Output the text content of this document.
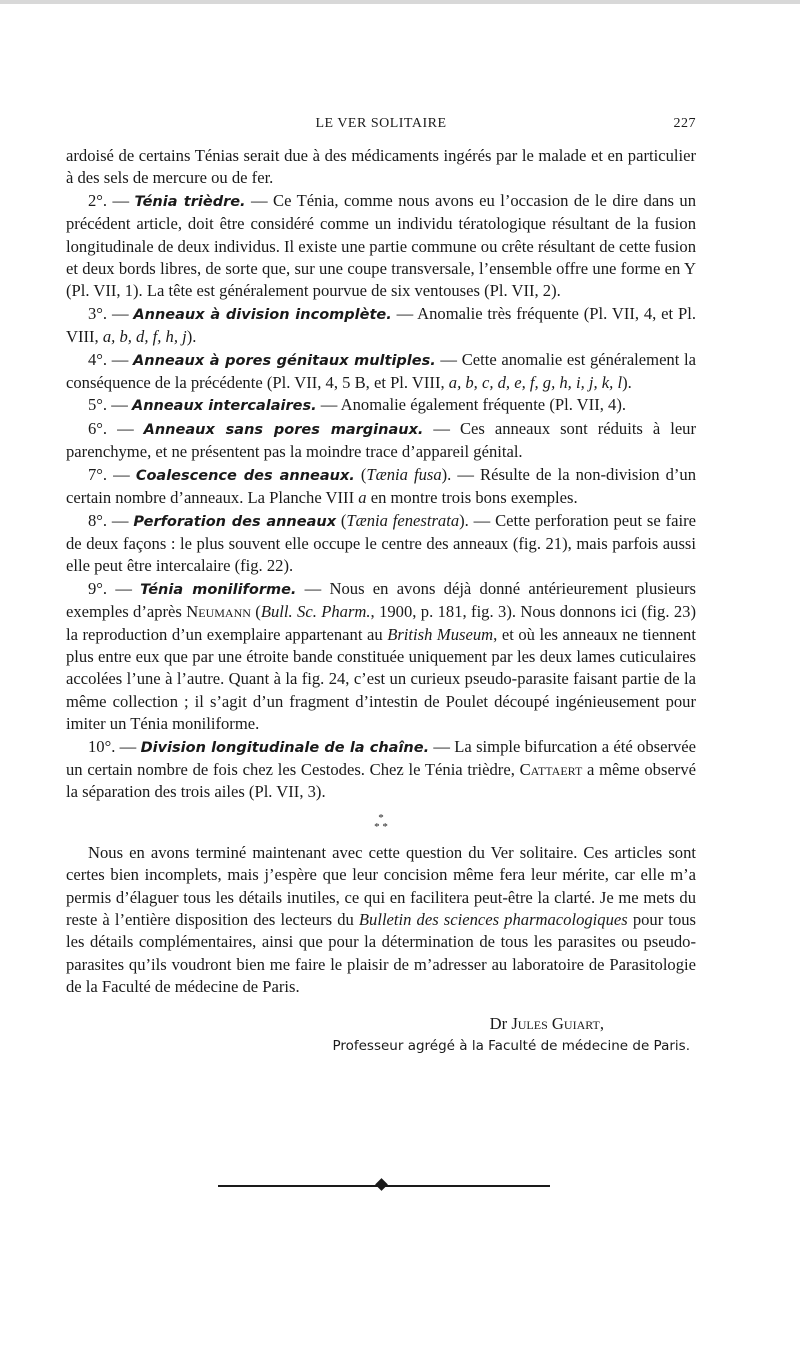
LE VER SOLITAIRE	227

ardoisé de certains Ténias serait due à des médicaments ingérés par le malade et en particulier à des sels de mercure ou de fer.

2°. — Ténia trièdre. — Ce Ténia, comme nous avons eu l’occasion de le dire dans un précédent article, doit être considéré comme un individu tératologique résultant de la fusion longitudinale de deux individus. Il existe une partie commune ou crête résultant de cette fusion et deux bords libres, de sorte que, sur une coupe transversale, l’ensemble offre une forme en Y (Pl. VII, 1). La tête est généralement pourvue de six ventouses (Pl. VII, 2).

3°. — Anneaux à division incomplète. — Anomalie très fréquente (Pl. VII, 4, et Pl. VIII, a, b, d, f, h, j).

4°. — Anneaux à pores génitaux multiples. — Cette anomalie est généralement la conséquence de la précédente (Pl. VII, 4, 5 B, et Pl. VIII, a, b, c, d, e, f, g, h, i, j, k, l).

5°. — Anneaux intercalaires. — Anomalie également fréquente (Pl. VII, 4).

6°. — Anneaux sans pores marginaux. — Ces anneaux sont réduits à leur parenchyme, et ne présentent pas la moindre trace d’appareil génital.

7°. — Coalescence des anneaux. (Tænia fusa). — Résulte de la non-division d’un certain nombre d’anneaux. La Planche VIII a en montre trois bons exemples.

8°. — Perforation des anneaux (Tænia fenestrata). — Cette perforation peut se faire de deux façons : le plus souvent elle occupe le centre des anneaux (fig. 21), mais parfois aussi elle peut être intercalaire (fig. 22).

9°. — Ténia moniliforme. — Nous en avons déjà donné antérieurement plusieurs exemples d’après Neumann (Bull. Sc. Pharm., 1900, p. 181, fig. 3). Nous donnons ici (fig. 23) la reproduction d’un exemplaire appartenant au British Museum, et où les anneaux ne tiennent plus entre eux que par une étroite bande constituée uniquement par les deux lames cuticulaires accolées l’une à l’autre. Quant à la fig. 24, c’est un curieux pseudo-parasite faisant partie de la même collection ; il s’agit d’un fragment d’intestin de Poulet découpé ingénieusement pour imiter un Ténia moniliforme.

10°. — Division longitudinale de la chaîne. — La simple bifurcation a été observée un certain nombre de fois chez les Cestodes. Chez le Ténia trièdre, Cattaert a même observé la séparation des trois ailes (Pl. VII, 3).

*
* *

Nous en avons terminé maintenant avec cette question du Ver solitaire. Ces articles sont certes bien incomplets, mais j’espère que leur concision même fera leur mérite, car elle m’a permis d’élaguer tous les détails inutiles, ce qui en facilitera peut-être la clarté. Je me mets du reste à l’entière disposition des lecteurs du Bulletin des sciences pharmacologiques pour tous les détails complémentaires, ainsi que pour la détermination de tous les parasites ou pseudo-parasites qu’ils voudront bien me faire le plaisir de m’adresser au laboratoire de Parasitologie de la Faculté de médecine de Paris.

Dr Jules Guiart,
Professeur agrégé à la Faculté de médecine de Paris.
